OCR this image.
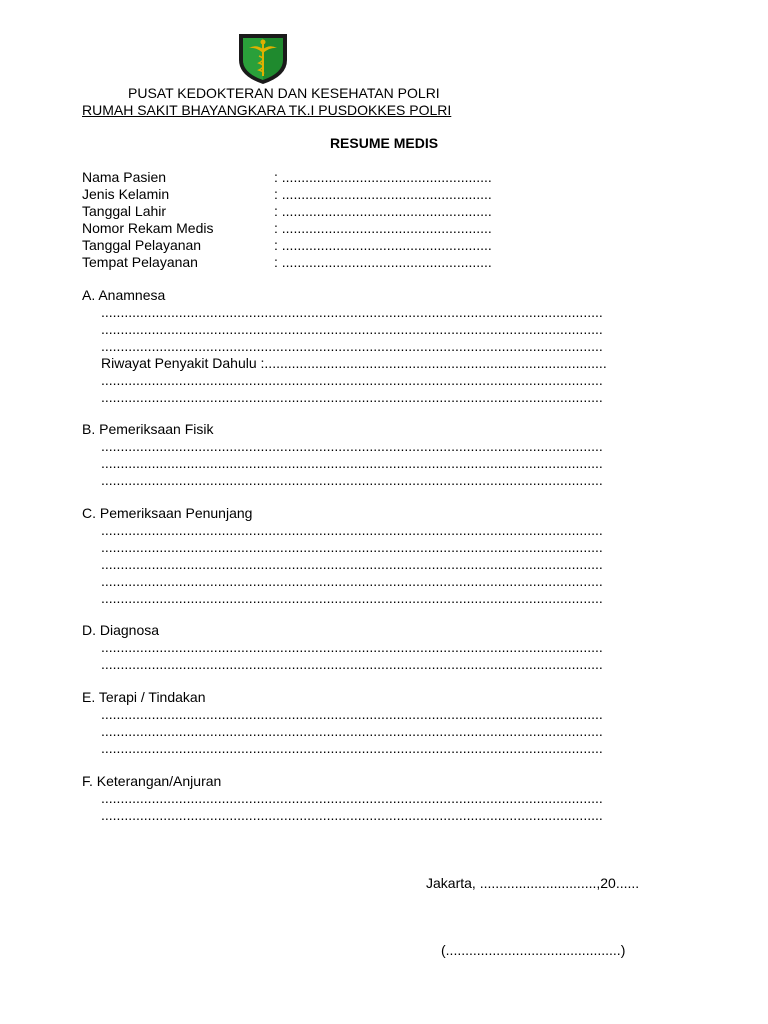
PUSAT KEDOKTERAN DAN KESEHATAN POLRI
RUMAH SAKIT BHAYANGKARA TK.I PUSDOKKES POLRI
RESUME MEDIS
Nama Pasien	: ......................................................
Jenis Kelamin	: ......................................................
Tanggal Lahir	: ......................................................
Nomor Rekam Medis	: ......................................................
Tanggal Pelayanan	: ......................................................
Tempat Pelayanan	: ......................................................
A. Anamnesa
.................................................................................................................................
.................................................................................................................................
.................................................................................................................................
Riwayat Penyakit Dahulu :........................................................................................
.................................................................................................................................
.................................................................................................................................
B. Pemeriksaan Fisik
.................................................................................................................................
.................................................................................................................................
.................................................................................................................................
C. Pemeriksaan Penunjang
.................................................................................................................................
.................................................................................................................................
.................................................................................................................................
.................................................................................................................................
.................................................................................................................................
D. Diagnosa
.................................................................................................................................
.................................................................................................................................
E. Terapi / Tindakan
.................................................................................................................................
.................................................................................................................................
.................................................................................................................................
F. Keterangan/Anjuran
.................................................................................................................................
.................................................................................................................................
Jakarta, ..............................,20......
(.............................................)
